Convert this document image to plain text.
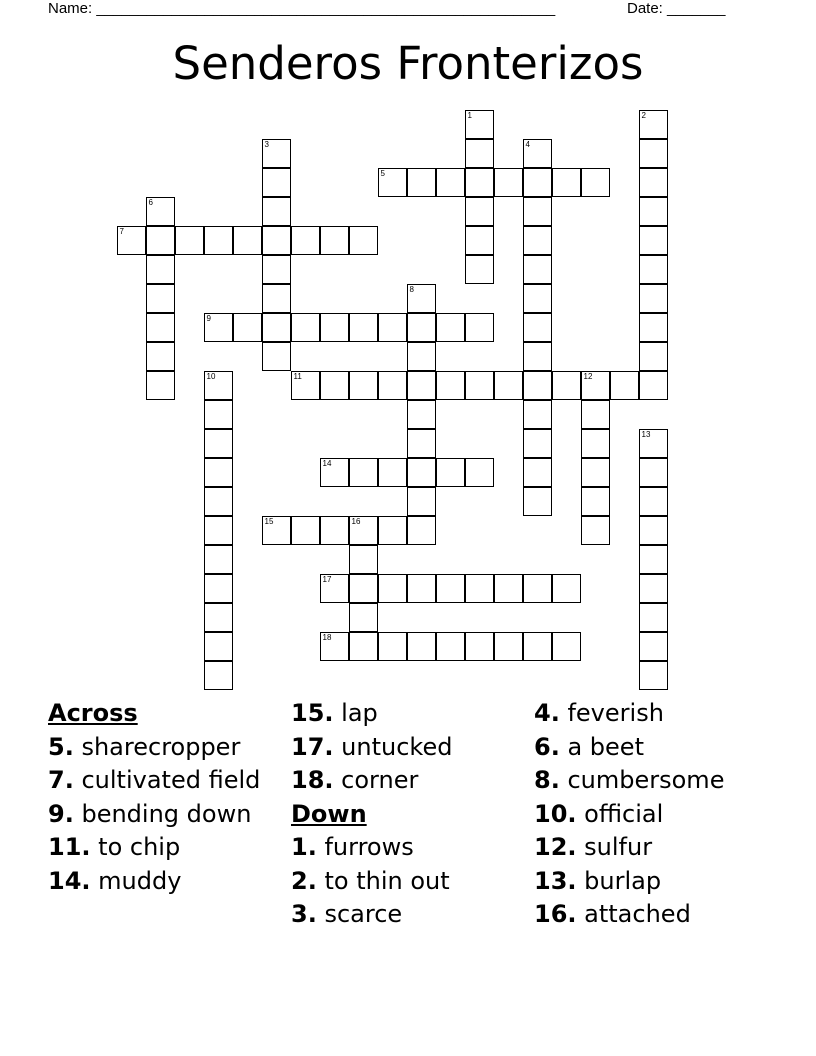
Name: _______________________________________________________	Date: _______
Senderos Fronterizos
1	2
3	4
5
6
7
8
9
10	11	12
13
14
15	16
17
18
Across
5. sharecropper
7. cultivated field
9. bending down
11. to chip
14. muddy
15. lap
17. untucked
18. corner
Down
1. furrows
2. to thin out
3. scarce
4. feverish
6. a beet
8. cumbersome
10. official
12. sulfur
13. burlap
16. attached
